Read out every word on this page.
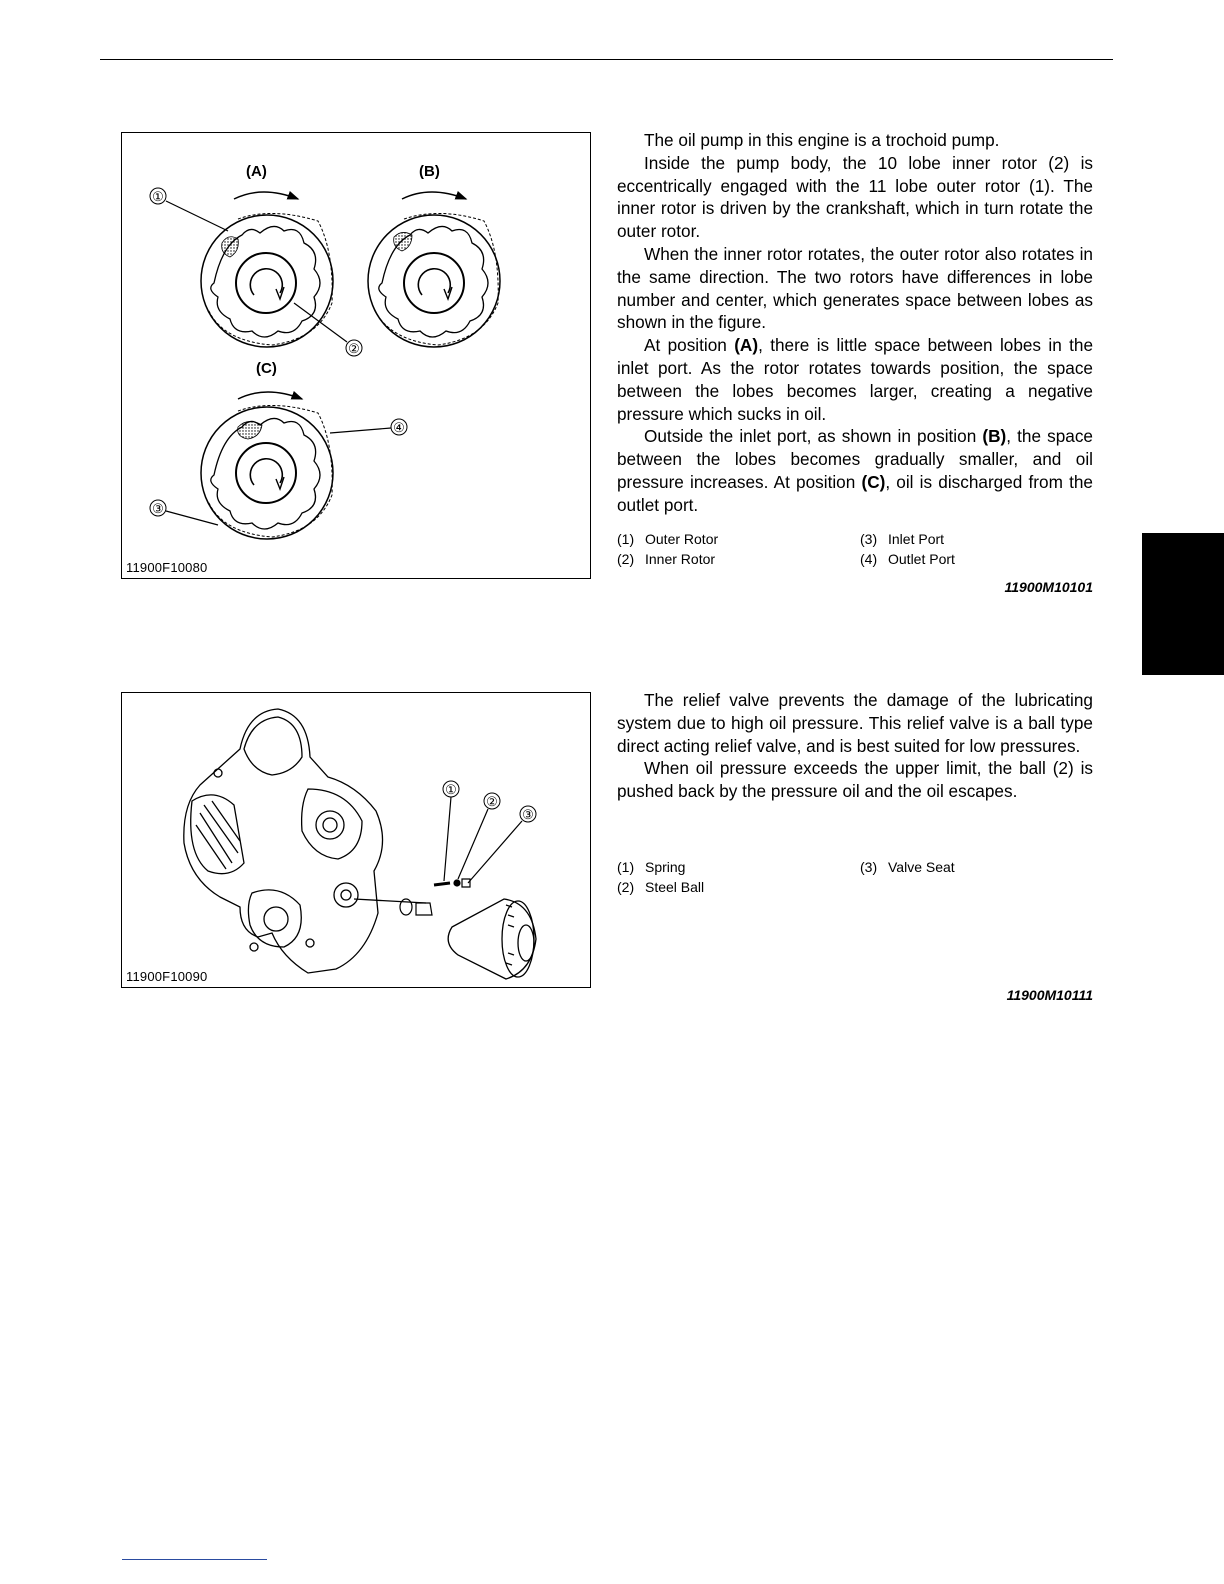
(A)	(B)
(C)
①
②
③
④
11900F10080

The oil pump in this engine is a trochoid pump.

Inside the pump body, the 10 lobe inner rotor (2) is eccentrically engaged with the 11 lobe outer rotor (1). The inner rotor is driven by the crankshaft, which in turn rotate the outer rotor.

When the inner rotor rotates, the outer rotor also rotates in the same direction. The two rotors have differences in lobe number and center, which generates space between lobes as shown in the figure.

At position (A), there is little space between lobes in the inlet port. As the rotor rotates towards position, the space between the lobes becomes larger, creating a negative pressure which sucks in oil.

Outside the inlet port, as shown in position (B), the space between the lobes becomes gradually smaller, and oil pressure increases. At position (C), oil is discharged from the outlet port.

(1) Outer Rotor
(2) Inner Rotor
(3) Inlet Port
(4) Outlet Port
11900M10101
①
②
③
11900F10090

The relief valve prevents the damage of the lubricating system due to high oil pressure. This relief valve is a ball type direct acting relief valve, and is best suited for low pressures.

When oil pressure exceeds the upper limit, the ball (2) is pushed back by the pressure oil and the oil escapes.

(1) Spring
(2) Steel Ball
(3) Valve Seat
11900M10111
